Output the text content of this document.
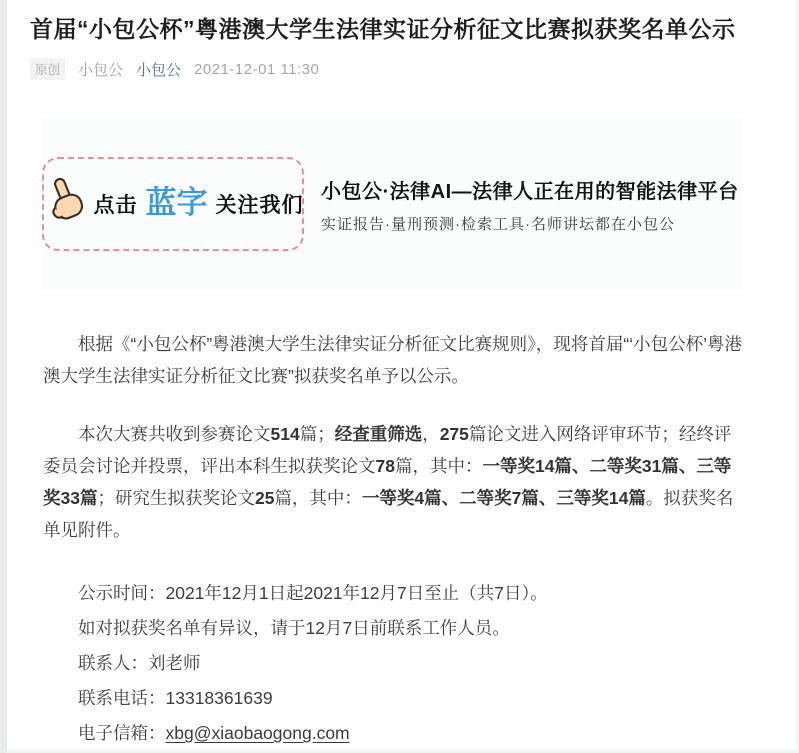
首届“小包公杯”粤港澳大学生法律实证分析征文比赛拟获奖名单公示
原创	小包公 小包公 2021-12-01 11:30
点击 蓝字 关注我们
小包公·法律AI—法律人正在用的智能法律平台
实证报告·量刑预测·检索工具·名师讲坛都在小包公

根据《“小包公杯”粤港澳大学生法律实证分析征文比赛规则》，现将首届“‘小包公杯’粤港澳大学生法律实证分析征文比赛”拟获奖名单予以公示。

本次大赛共收到参赛论文514篇；经查重筛选，275篇论文进入网络评审环节；经终评委员会讨论并投票，评出本科生拟获奖论文78篇，其中：一等奖14篇、二等奖31篇、三等奖33篇；研究生拟获奖论文25篇，其中：一等奖4篇、二等奖7篇、三等奖14篇。拟获奖名单见附件。

公示时间：2021年12月1日起2021年12月7日至止（共7日）。

如对拟获奖名单有异议，请于12月7日前联系工作人员。

联系人：刘老师

联系电话：13318361639

电子信箱：xbg@xiaobaogong.com
